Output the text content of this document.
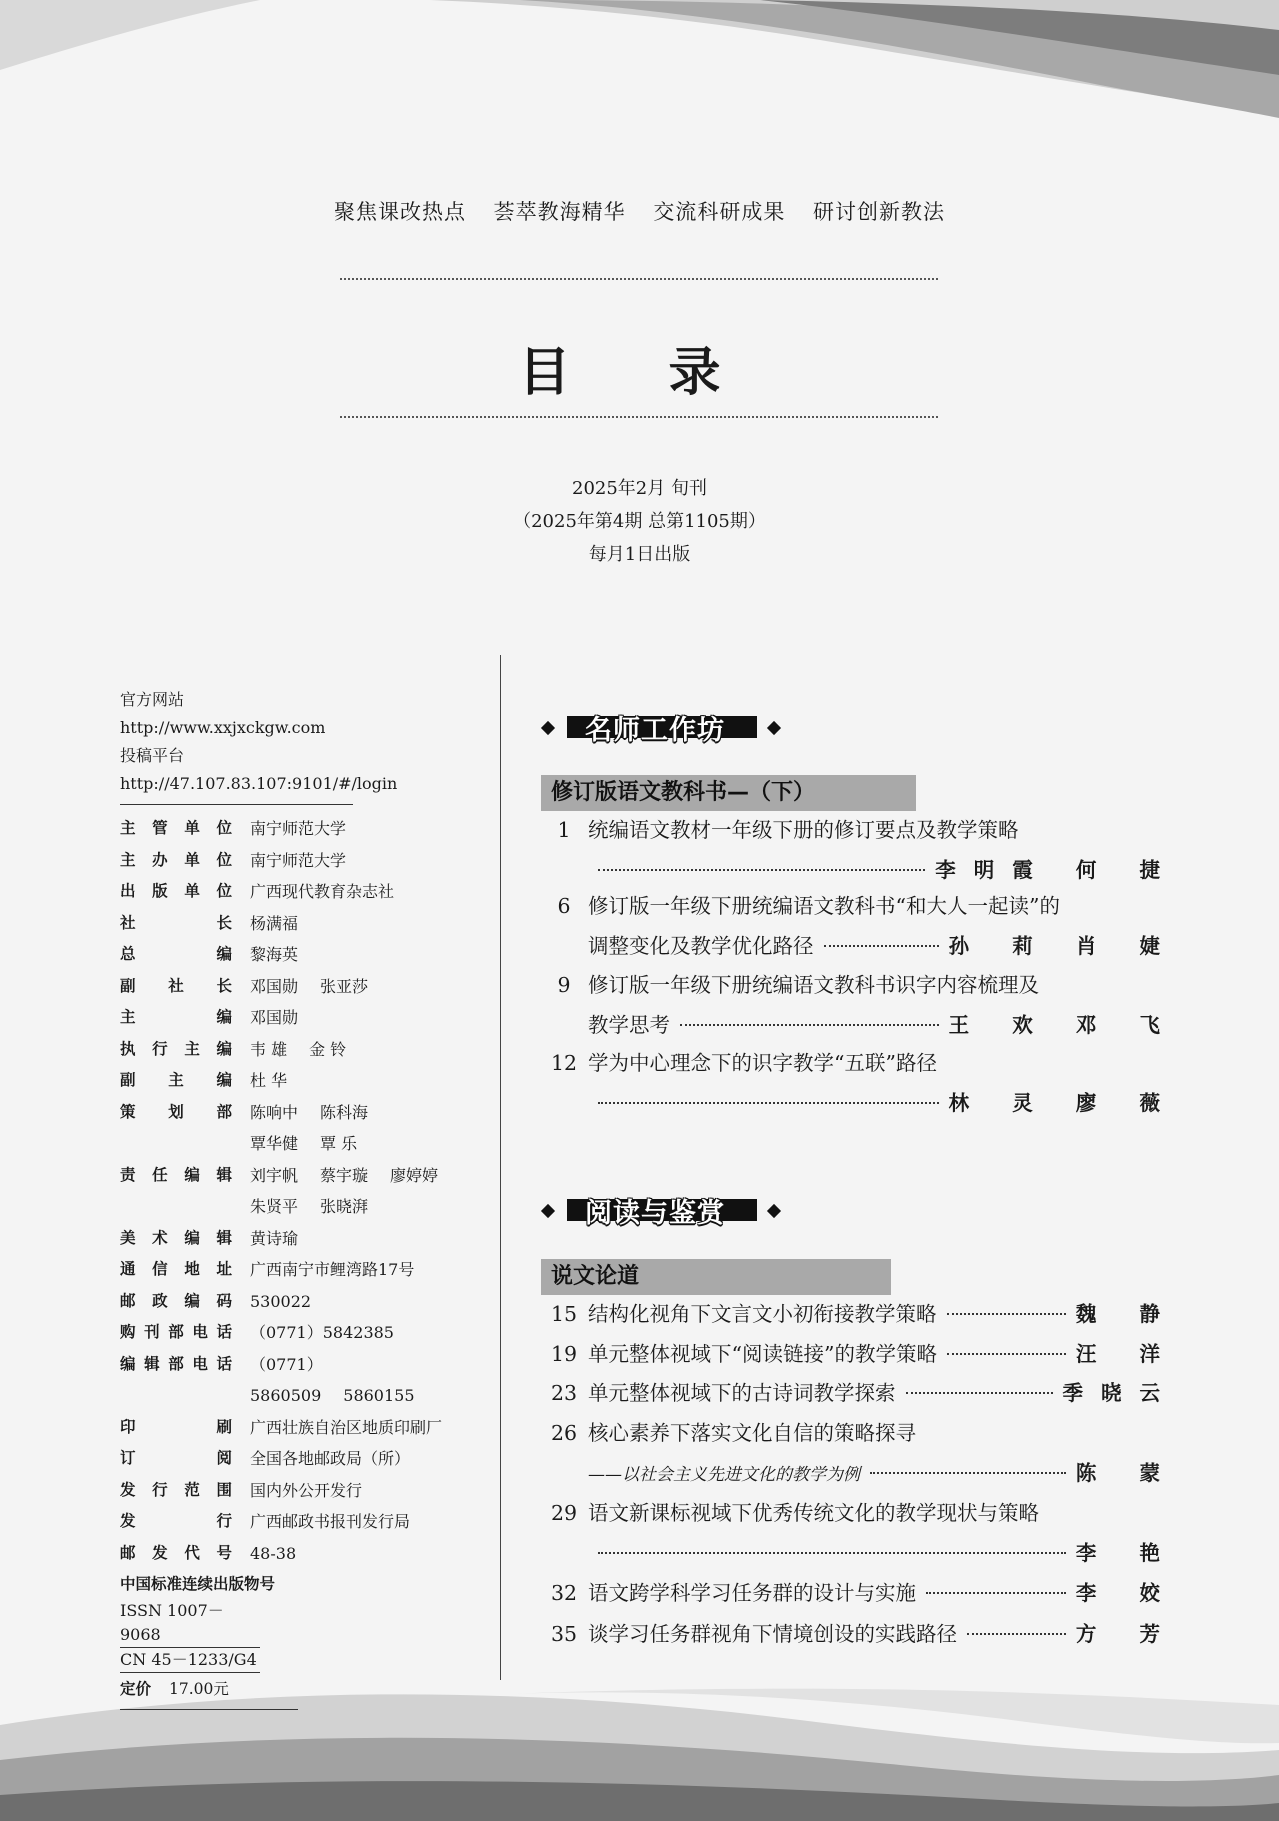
聚焦课改热点 荟萃教海精华 交流科研成果 研讨创新教法
目 录
2025年2月 旬刊
（2025年第4期 总第1105期）
每月1日出版
官方网站
http://www.xxjxckgw.com
投稿平台
http://47.107.83.107:9101/#/login
主管单位 南宁师范大学
主办单位 南宁师范大学
出版单位 广西现代教育杂志社
社长 杨满福
总编 黎海英
副社长 邓国勋 张亚莎
主编 邓国勋
执行主编 韦 雄 金 铃
副主编 杜 华
策划部 陈响中 陈科海
覃华健 覃 乐
责任编辑 刘宇帆 蔡宇璇 廖婷婷
朱贤平 张晓湃
美术编辑 黄诗瑜
通信地址 广西南宁市鲤湾路17号
邮政编码 530022
购刊部电话 （0771）5842385
编辑部电话 （0771）5860509 5860155
印刷 广西壮族自治区地质印刷厂
订阅 全国各地邮政局（所）
发行范围 国内外公开发行
发行 广西邮政书报刊发行局
邮发代号 48-38
中国标准连续出版物号
ISSN 1007－9068
CN 45－1233/G4
定价 17.00元
名师工作坊
修订版语文教科书—（下）
1 统编语文教材一年级下册的修订要点及教学策略
李明霞 何 捷
6 修订版一年级下册统编语文教科书“和大人一起读”的
调整变化及教学优化路径	孙 莉 肖 婕
9 修订版一年级下册统编语文教科书识字内容梳理及
教学思考	王 欢 邓 飞
12 学为中心理念下的识字教学“五联”路径
林 灵 廖 薇
阅读与鉴赏
说文论道
15 结构化视角下文言文小初衔接教学策略	魏 静
19 单元整体视域下“阅读链接”的教学策略	汪 洋
23 单元整体视域下的古诗词教学探索	季晓云
26 核心素养下落实文化自信的策略探寻
——以社会主义先进文化的教学为例	陈 蒙
29 语文新课标视域下优秀传统文化的教学现状与策略
李 艳
32 语文跨学科学习任务群的设计与实施	李 姣
35 谈学习任务群视角下情境创设的实践路径	方 芳
